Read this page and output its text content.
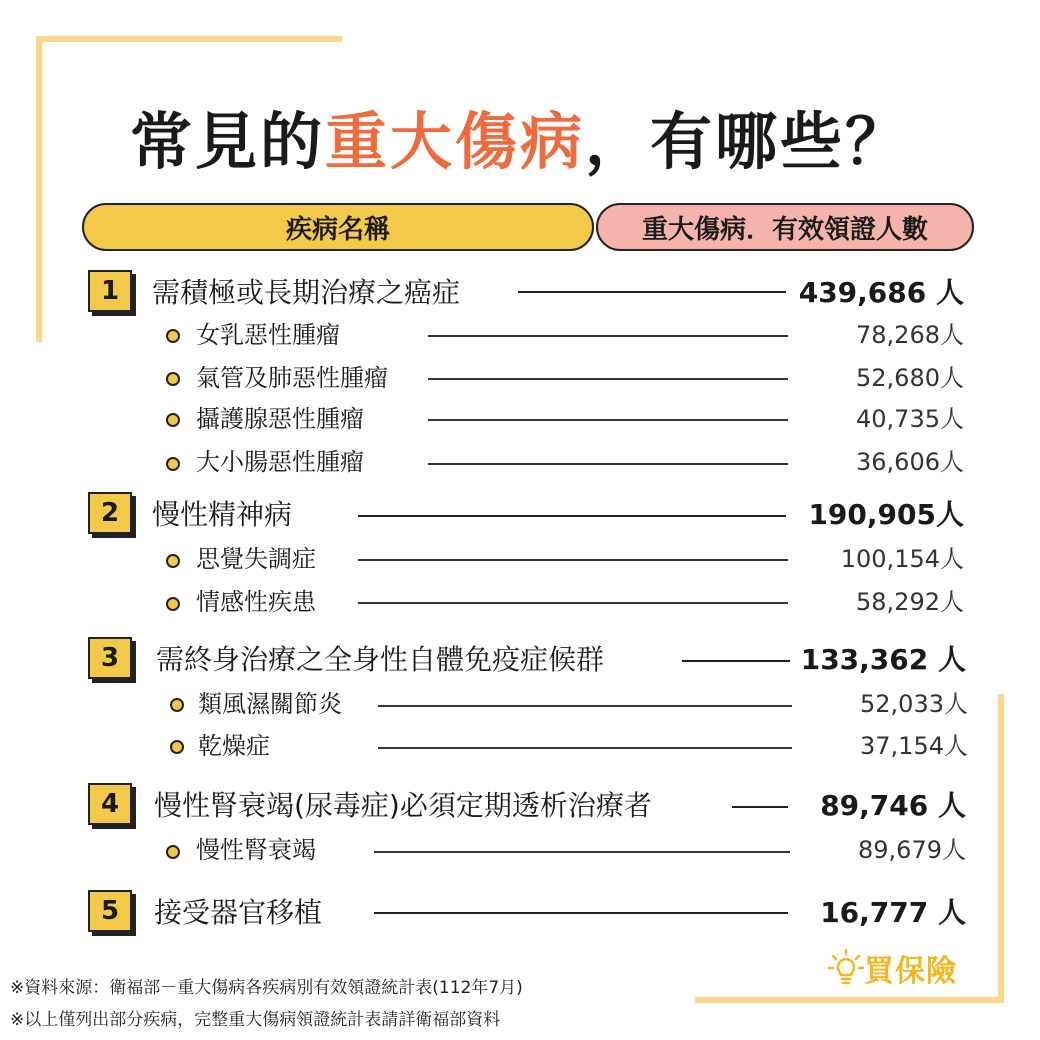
常見的重大傷病，有哪些？
疾病名稱	重大傷病．有效領證人數
1	需積極或長期治療之癌症	439,686 人
女乳惡性腫瘤	78,268人
氣管及肺惡性腫瘤	52,680人
攝護腺惡性腫瘤	40,735人
大小腸惡性腫瘤	36,606人
2	慢性精神病	190,905人
思覺失調症	100,154人
情感性疾患	58,292人
3	需終身治療之全身性自體免疫症候群	133,362 人
類風濕關節炎	52,033人
乾燥症	37,154人
4	慢性腎衰竭(尿毒症)必須定期透析治療者	89,746 人
慢性腎衰竭	89,679人
5	接受器官移植	16,777 人
※資料來源：衛福部－重大傷病各疾病別有效領證統計表(112年7月)
※以上僅列出部分疾病，完整重大傷病領證統計表請詳衛福部資料
買保險
